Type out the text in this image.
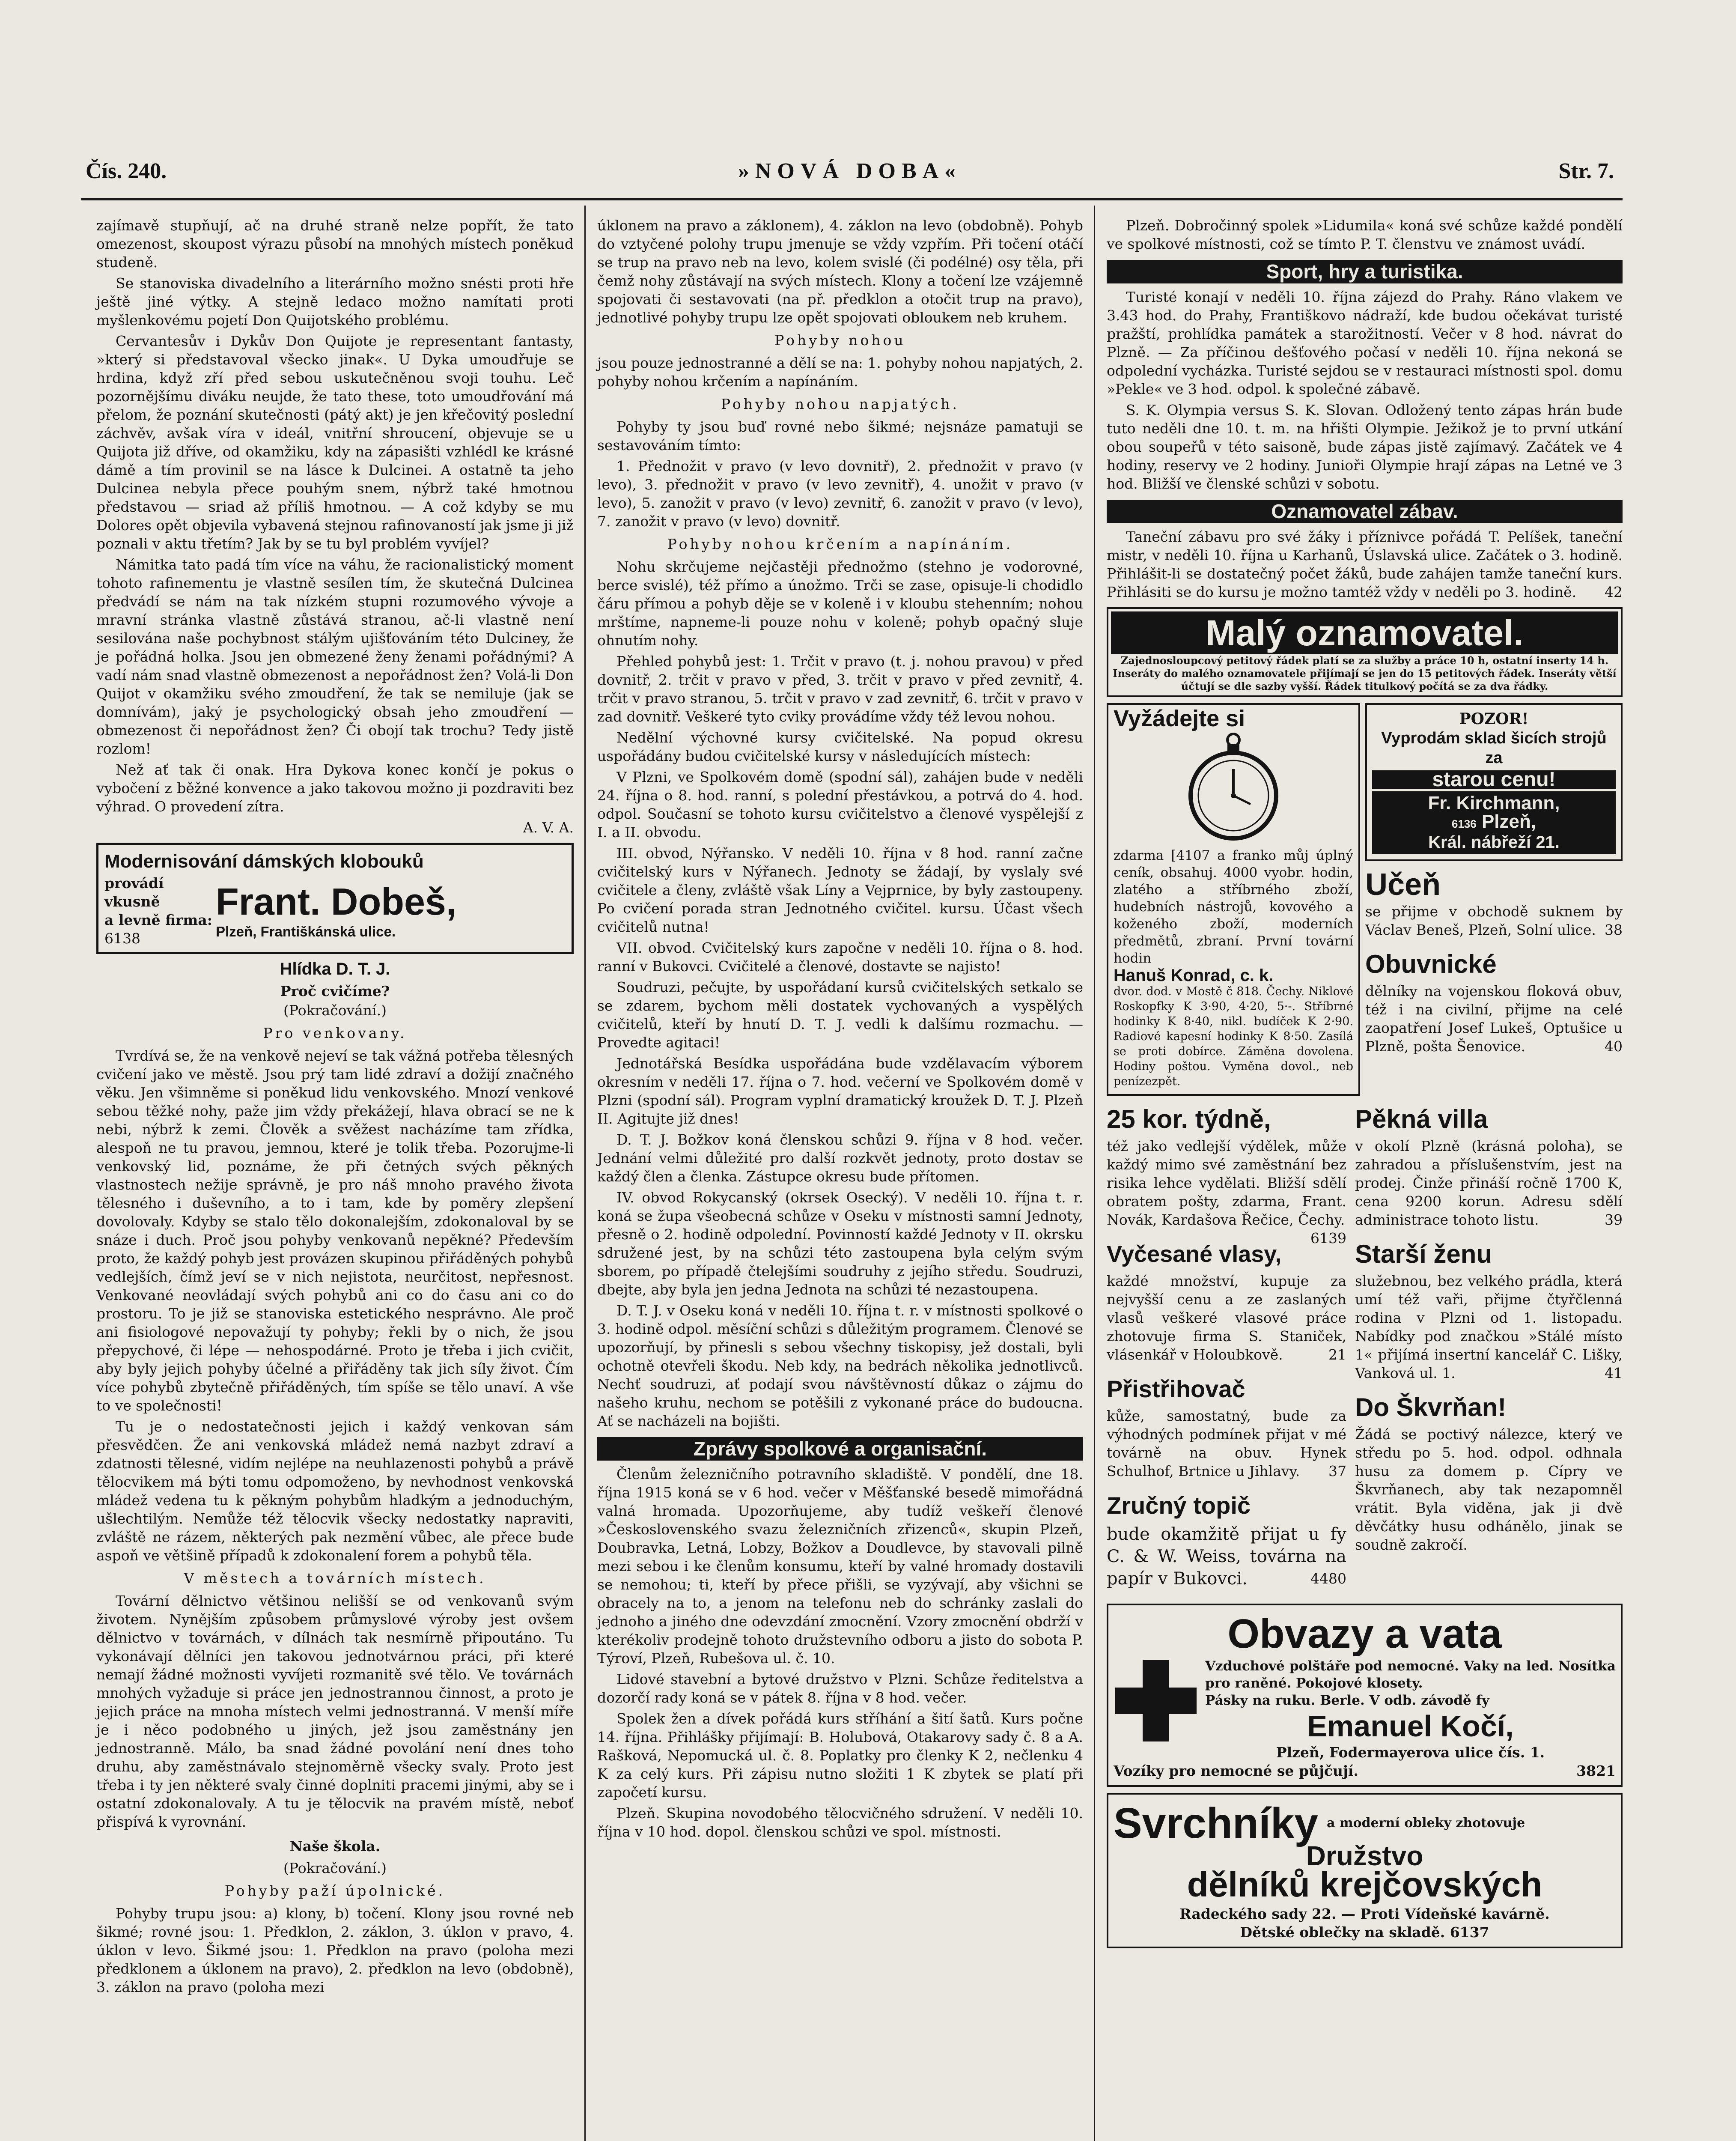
Čís. 240.	»NOVÁ DOBA«	Str. 7.

zajímavě stupňují, ač na druhé straně nelze popřít, že tato omezenost, skoupost výrazu působí na mnohých místech poněkud studeně.

Se stanoviska divadelního a literárního možno snésti proti hře ještě jiné výtky. A stejně ledaco možno namítati proti myšlenkovému pojetí Don Quijotského problému.

Cervantesův i Dykův Don Quijote je representant fantasty, »který si představoval všecko jinak«. U Dyka umoudřuje se hrdina, když zří před sebou uskutečněnou svoji touhu. Leč pozornějšímu diváku neujde, že tato these, toto umoudřování má přelom, že poznání skutečnosti (pátý akt) je jen křečovitý poslední záchvěv, avšak víra v ideál, vnitřní shroucení, objevuje se u Quijota již dříve, od okamžiku, kdy na zápasišti vzhlédl ke krásné dámě a tím provinil se na lásce k Dulcinei. A ostatně ta jeho Dulcinea nebyla přece pouhým snem, nýbrž také hmotnou představou — sriad až příliš hmotnou. — A což kdyby se mu Dolores opět objevila vybavená stejnou rafinovaností jak jsme ji již poznali v aktu třetím? Jak by se tu byl problém vyvíjel?

Námitka tato padá tím více na váhu, že racionalistický moment tohoto rafinementu je vlastně sesílen tím, že skutečná Dulcinea předvádí se nám na tak nízkém stupni rozumového vývoje a mravní stránka vlastně zůstává stranou, ač-li vlastně není sesilována naše pochybnost stálým ujišťováním této Dulciney, že je pořádná holka. Jsou jen obmezené ženy ženami pořádnými? A vadí nám snad vlastně obmezenost a nepořádnost žen? Volá-li Don Quijot v okamžiku svého zmoudření, že tak se nemiluje (jak se domnívám), jaký je psychologický obsah jeho zmoudření — obmezenost či nepořádnost žen? Či obojí tak trochu? Tedy jistě rozlom!

Než ať tak či onak. Hra Dykova konec končí je pokus o vybočení z běžné konvence a jako takovou možno ji pozdraviti bez výhrad. O provedení zítra.

A. V. A.
Modernisování dámských klobouků
provádí vkusně
a levně firma:
6138
Frant. Dobeš,
Plzeň, Františkánská ulice.
Hlídka D. T. J.
Proč cvičíme?
(Pokračování.)
Pro venkovany.

Tvrdívá se, že na venkově nejeví se tak vážná potřeba tělesných cvičení jako ve městě. Jsou prý tam lidé zdraví a dožijí značného věku. Jen všimněme si poněkud lidu venkovského. Mnozí venkové sebou těžké nohy, paže jim vždy překážejí, hlava obrací se ne k nebi, nýbrž k zemi. Člověk a svěžest nacházíme tam zřídka, alespoň ne tu pravou, jemnou, které je tolik třeba. Pozorujme-li venkovský lid, poznáme, že při četných svých pěkných vlastnostech nežije správně, je pro náš mnoho pravého života tělesného i duševního, a to i tam, kde by poměry zlepšení dovolovaly. Kdyby se stalo tělo dokonalejším, zdokonaloval by se snáze i duch. Proč jsou pohyby venkovanů nepěkné? Především proto, že každý pohyb jest provázen skupinou přiřáděných pohybů vedlejších, čímž jeví se v nich nejistota, neurčitost, nepřesnost. Venkované neovládají svých pohybů ani co do času ani co do prostoru. To je již se stanoviska estetického nesprávno. Ale proč ani fisiologové nepovažují ty pohyby; řekli by o nich, že jsou přepychové, či lépe — nehospodárné. Proto je třeba i jich cvičit, aby byly jejich pohyby účelné a přiřáděny tak jich síly život. Čím více pohybů zbytečně přiřáděných, tím spíše se tělo unaví. A vše to ve společnosti!

Tu je o nedostatečnosti jejich i každý venkovan sám přesvědčen. Že ani venkovská mládež nemá nazbyt zdraví a zdatnosti tělesné, vidím nejlépe na neuhlazenosti pohybů a právě tělocvikem má býti tomu odpomoženo, by nevhodnost venkovská mládež vedena tu k pěkným pohybům hladkým a jednoduchým, ušlechtilým. Nemůže též tělocvik všecky nedostatky napraviti, zvláště ne rázem, některých pak nezmění vůbec, ale přece bude aspoň ve většině případů k zdokonalení forem a pohybů těla.

V městech a továrních místech.

Tovární dělnictvo většinou nelišší se od venkovanů svým životem. Nynějším způsobem průmyslové výroby jest ovšem dělnictvo v továrnách, v dílnách tak nesmírně připoutáno. Tu vykonávají dělníci jen takovou jednotvárnou práci, při které nemají žádné možnosti vyvíjeti rozmanitě své tělo. Ve továrnách mnohých vyžaduje si práce jen jednostrannou činnost, a proto je jejich práce na mnoha místech velmi jednostranná. V menší míře je i něco podobného u jiných, jež jsou zaměstnány jen jednostranně. Málo, ba snad žádné povolání není dnes toho druhu, aby zaměstnávalo stejnoměrně všecky svaly. Proto jest třeba i ty jen některé svaly činné doplniti pracemi jinými, aby se i ostatní zdokonalovaly. A tu je tělocvik na pravém místě, neboť přispívá k vyrovnání.

Naše škola.
(Pokračování.)
Pohyby paží úpolnické.

Pohyby trupu jsou: a) klony, b) točení. Klony jsou rovné neb šikmé; rovné jsou: 1. Předklon, 2. záklon, 3. úklon v pravo, 4. úklon v levo. Šikmé jsou: 1. Předklon na pravo (poloha mezi předklonem a úklonem na pravo), 2. předklon na levo (obdobně), 3. záklon na pravo (poloha mezi

úklonem na pravo a záklonem), 4. záklon na levo (obdobně). Pohyb do vztyčené polohy trupu jmenuje se vždy vzpřím. Při točení otáčí se trup na pravo neb na levo, kolem svislé (či podélné) osy těla, při čemž nohy zůstávají na svých místech. Klony a točení lze vzájemně spojovati či sestavovati (na př. předklon a otočit trup na pravo), jednotlivé pohyby trupu lze opět spojovati obloukem neb kruhem.

Pohyby nohou

jsou pouze jednostranné a dělí se na: 1. pohyby nohou napjatých, 2. pohyby nohou krčením a napínáním.

Pohyby nohou napjatých.

Pohyby ty jsou buď rovné nebo šikmé; nejsnáze pamatuji se sestavováním tímto:

1. Přednožit v pravo (v levo dovnitř), 2. přednožit v pravo (v levo), 3. přednožit v pravo (v levo zevnitř), 4. unožit v pravo (v levo), 5. zanožit v pravo (v levo) zevnitř, 6. zanožit v pravo (v levo), 7. zanožit v pravo (v levo) dovnitř.

Pohyby nohou krčením a napínáním.

Nohu skrčujeme nejčastěji přednožmo (stehno je vodorovné, berce svislé), též přímo a únožmo. Trči se zase, opisuje-li chodidlo čáru přímou a pohyb děje se v koleně i v kloubu stehenním; nohou mrštíme, napneme-li pouze nohu v koleně; pohyb opačný sluje ohnutím nohy.

Přehled pohybů jest: 1. Trčit v pravo (t. j. nohou pravou) v před dovnitř, 2. trčit v pravo v před, 3. trčit v pravo v před zevnitř, 4. trčit v pravo stranou, 5. trčit v pravo v zad zevnitř, 6. trčit v pravo v zad dovnitř. Veškeré tyto cviky provádíme vždy též levou nohou.

Nedělní výchovné kursy cvičitelské. Na popud okresu uspořádány budou cvičitelské kursy v následujících místech:

V Plzni, ve Spolkovém domě (spodní sál), zahájen bude v neděli 24. října o 8. hod. ranní, s polední přestávkou, a potrvá do 4. hod. odpol. Současní se tohoto kursu cvičitelstvo a členové vyspělejší z I. a II. obvodu.

III. obvod, Nýřansko. V neděli 10. října v 8 hod. ranní začne cvičitelský kurs v Nýřanech. Jednoty se žádají, by vyslaly své cvičitele a členy, zvláště však Líny a Vejprnice, by byly zastoupeny. Po cvičení porada stran Jednotného cvičitel. kursu. Účast všech cvičitelů nutna!

VII. obvod. Cvičitelský kurs započne v neděli 10. října o 8. hod. ranní v Bukovci. Cvičitelé a členové, dostavte se najisto!

Soudruzi, pečujte, by uspořádaní kursů cvičitelských setkalo se se zdarem, bychom měli dostatek vychovaných a vyspělých cvičitelů, kteří by hnutí D. T. J. vedli k dalšímu rozmachu. — Provedte agitaci!

Jednotářská Besídka uspořádána bude vzdělavacím výborem okresním v neděli 17. října o 7. hod. večerní ve Spolkovém domě v Plzni (spodní sál). Program vyplní dramatický kroužek D. T. J. Plzeň II. Agitujte již dnes!

D. T. J. Božkov koná členskou schůzi 9. října v 8 hod. večer. Jednání velmi důležité pro další rozkvět jednoty, proto dostav se každý člen a členka. Zástupce okresu bude přítomen.

IV. obvod Rokycanský (okrsek Osecký). V neděli 10. října t. r. koná se župa všeobecná schůze v Oseku v místnosti samní Jednoty, přesně o 2. hodině odpolední. Povinností každé Jednoty v II. okrsku sdružené jest, by na schůzi této zastoupena byla celým svým sborem, po případě čtelejšími soudruhy z jejího středu. Soudruzi, dbejte, aby byla jen jedna Jednota na schůzi té nezastoupena.

D. T. J. v Oseku koná v neděli 10. října t. r. v místnosti spolkové o 3. hodině odpol. měsíční schůzi s důležitým programem. Členové se upozorňují, by přinesli s sebou všechny tiskopisy, jež dostali, byli ochotně otevřeli škodu. Neb kdy, na bedrách několika jednotlivců. Nechť soudruzi, ať podají svou návštěvností důkaz o zájmu do našeho kruhu, nechom se potěšili z vykonané práce do budoucna. Ať se nacházeli na bojišti.

Zprávy spolkové a organisační.

Členům železničního potravního skladiště. V pondělí, dne 18. října 1915 koná se v 6 hod. večer v Měšťanské besedě mimořádná valná hromada. Upozorňujeme, aby tudíž veškeří členové »Československého svazu železničních zřizenců«, skupin Plzeň, Doubravka, Letná, Lobzy, Božkov a Doudlevce, by stavovali pilně mezi sebou i ke členům konsumu, kteří by valné hromady dostavili se nemohou; ti, kteří by přece přišli, se vyzývají, aby všichni se obracely na to, a jenom na telefonu neb do schránky zaslali do jednoho a jiného dne odevzdání zmocnění. Vzory zmocnění obdrží v kterékoliv prodejně tohoto družstevního odboru a jisto do sobota P. Týroví, Plzeň, Rubešova ul. č. 10.

Lidové stavební a bytové družstvo v Plzni. Schůze ředitelstva a dozorčí rady koná se v pátek 8. října v 8 hod. večer.

Spolek žen a dívek pořádá kurs stříhání a šití šatů. Kurs počne 14. října. Přihlášky přijímají: B. Holubová, Otakarovy sady č. 8 a A. Rašková, Nepomucká ul. č. 8. Poplatky pro členky K 2, nečlenku 4 K za celý kurs. Při zápisu nutno složiti 1 K zbytek se platí při započetí kursu.

Plzeň. Skupina novodobého tělocvičného sdružení. V neděli 10. října v 10 hod. dopol. členskou schůzi ve spol. místnosti.

Plzeň. Dobročinný spolek »Lidumila« koná své schůze každé pondělí ve spolkové místnosti, což se tímto P. T. členstvu ve známost uvádí.

Sport, hry a turistika.

Turisté konají v neděli 10. října zájezd do Prahy. Ráno vlakem ve 3.43 hod. do Prahy, Františkovo nádraží, kde budou očekávat turisté pražští, prohlídka památek a starožitností. Večer v 8 hod. návrat do Plzně. — Za příčinou dešťového počasí v neděli 10. října nekoná se odpolední vycházka. Turisté sejdou se v restauraci místnosti spol. domu »Pekle« ve 3 hod. odpol. k společné zábavě.

S. K. Olympia versus S. K. Slovan. Odložený tento zápas hrán bude tuto neděli dne 10. t. m. na hřišti Olympie. Ježikož je to první utkání obou soupeřů v této saisoně, bude zápas jistě zajímavý. Začátek ve 4 hodiny, reservy ve 2 hodiny. Junioři Olympie hrají zápas na Letné ve 3 hod. Bližší ve členské schůzi v sobotu.

Oznamovatel zábav.

Taneční zábavu pro své žáky i příznivce pořádá T. Pelíšek, taneční mistr, v neděli 10. října u Karhanů, Úslavská ulice. Začátek o 3. hodině. Přihlášit-li se dostatečný počet žáků, bude zahájen tamže taneční kurs. Přihlásiti se do kursu je možno tamtéž vždy v neděli po 3. hodině.	42

Malý oznamovatel.
Zajednosloupcový petitový řádek platí se za služby a práce 10 h, ostatní inserty 14 h. Inseráty do malého oznamovatele přijímají se jen do 15 petitových řádek. Inseráty větší účtují se dle sazby vyšší. Řádek titulkový počítá se za dva řádky.
Vyžádejte si
zdarma [4107 a franko můj úplný ceník, obsahuj. 4000 vyobr. hodin, zlatého a stříbrného zboží, hudebních nástrojů, kovového a koženého zboží, moderních předmětů, zbraní. První tovární hodin
Hanuš Konrad, c. k.
dvor. dod. v Mostě č 818. Čechy. Niklové Roskopfky K 3·90, 4·20, 5·-. Stříbrné hodinky K 8·40, nikl. budíček K 2·90. Radiové kapesní hodinky K 8·50. Zasílá se proti dobírce. Záměna dovolena. Hodiny poštou. Vyměna dovol., neb penízezpět.
POZOR!
Vyprodám sklad šicích strojů za
starou cenu!
Fr. Kirchmann,
6136 Plzeň,
Král. nábřeží 21.
Učeň
se přijme v obchodě suknem by Václav Beneš, Plzeň, Solní ulice. 38
Obuvnické
dělníky na vojenskou floková obuv, též i na civilní, přijme na celé zaopatření Josef Lukeš, Optušice u Plzně, pošta Šenovice.	40
25 kor. týdně,
též jako vedlejší výdělek, může každý mimo své zaměstnání bez risika lehce vydělati. Bližší sdělí obratem pošty, zdarma, Frant. Novák, Kardašova Řečice, Čechy.
6139
Vyčesané vlasy,
každé množství, kupuje za nejvyšší cenu a ze zaslaných vlasů veškeré vlasové práce zhotovuje firma S. Staniček, vlásenkář v Holoubkově.	21
Přistřihovač
kůže, samostatný, bude za výhodných podmínek přijat v mé továrně na obuv. Hynek Schulhof, Brtnice u Jihlavy. 37
Zručný topič
bude okamžitě přijat u fy C. & W. Weiss, továrna na papír v Bukovci.	4480
Pěkná villa
v okolí Plzně (krásná poloha), se zahradou a příslušenstvím, jest na prodej. Činže přináší ročně 1700 K, cena 9200 korun. Adresu sdělí administrace tohoto listu.	39
Starší ženu
služebnou, bez velkého prádla, která umí též vaři, přijme čtyřčlenná rodina v Plzni od 1. listopadu. Nabídky pod značkou »Stálé místo 1« přijímá insertní kancelář C. Lišky, Vanková ul. 1.	41
Do Škvrňan!
Žádá se poctivý nálezce, který ve středu po 5. hod. odpol. odhnala husu za domem p. Cípry ve Škvrňanech, aby tak nezapomněl vrátit. Byla viděna, jak ji dvě děvčátky husu odhánělo, jinak se soudně zakročí.
Obvazy a vata
Vzduchové polštáře pod nemocné. Vaky na led. Nosítka pro raněné. Pokojové klosety.
Pásky na ruku. Berle. V odb. závodě fy
Emanuel Kočí,
Plzeň, Fodermayerova ulice čís. 1.
Vozíky pro nemocné se půjčují.	3821
Svrchníky a moderní obleky zhotovuje
Družstvo
dělníků krejčovských
Radeckého sady 22. — Proti Vídeňské kavárně.
Dětské oblečky na skladě. 6137
